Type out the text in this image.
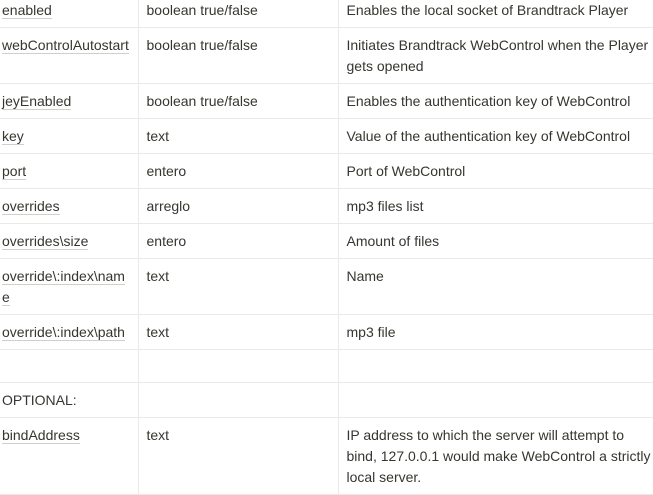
enabled	boolean true/false	Enables the local socket of Brandtrack Player
webControlAutostart	boolean true/false	Initiates Brandtrack WebControl when the Player gets opened
jeyEnabled	boolean true/false	Enables the authentication key of WebControl
key	text	Value of the authentication key of WebControl
port	entero	Port of WebControl
overrides	arreglo	mp3 files list
overrides\size	entero	Amount of files
override\:index\name	text	Name
override\:index\path	text	mp3 file

OPTIONAL:		
bindAddress	text	IP address to which the server will attempt to bind, 127.0.0.1 would make WebControl a strictly local server.
